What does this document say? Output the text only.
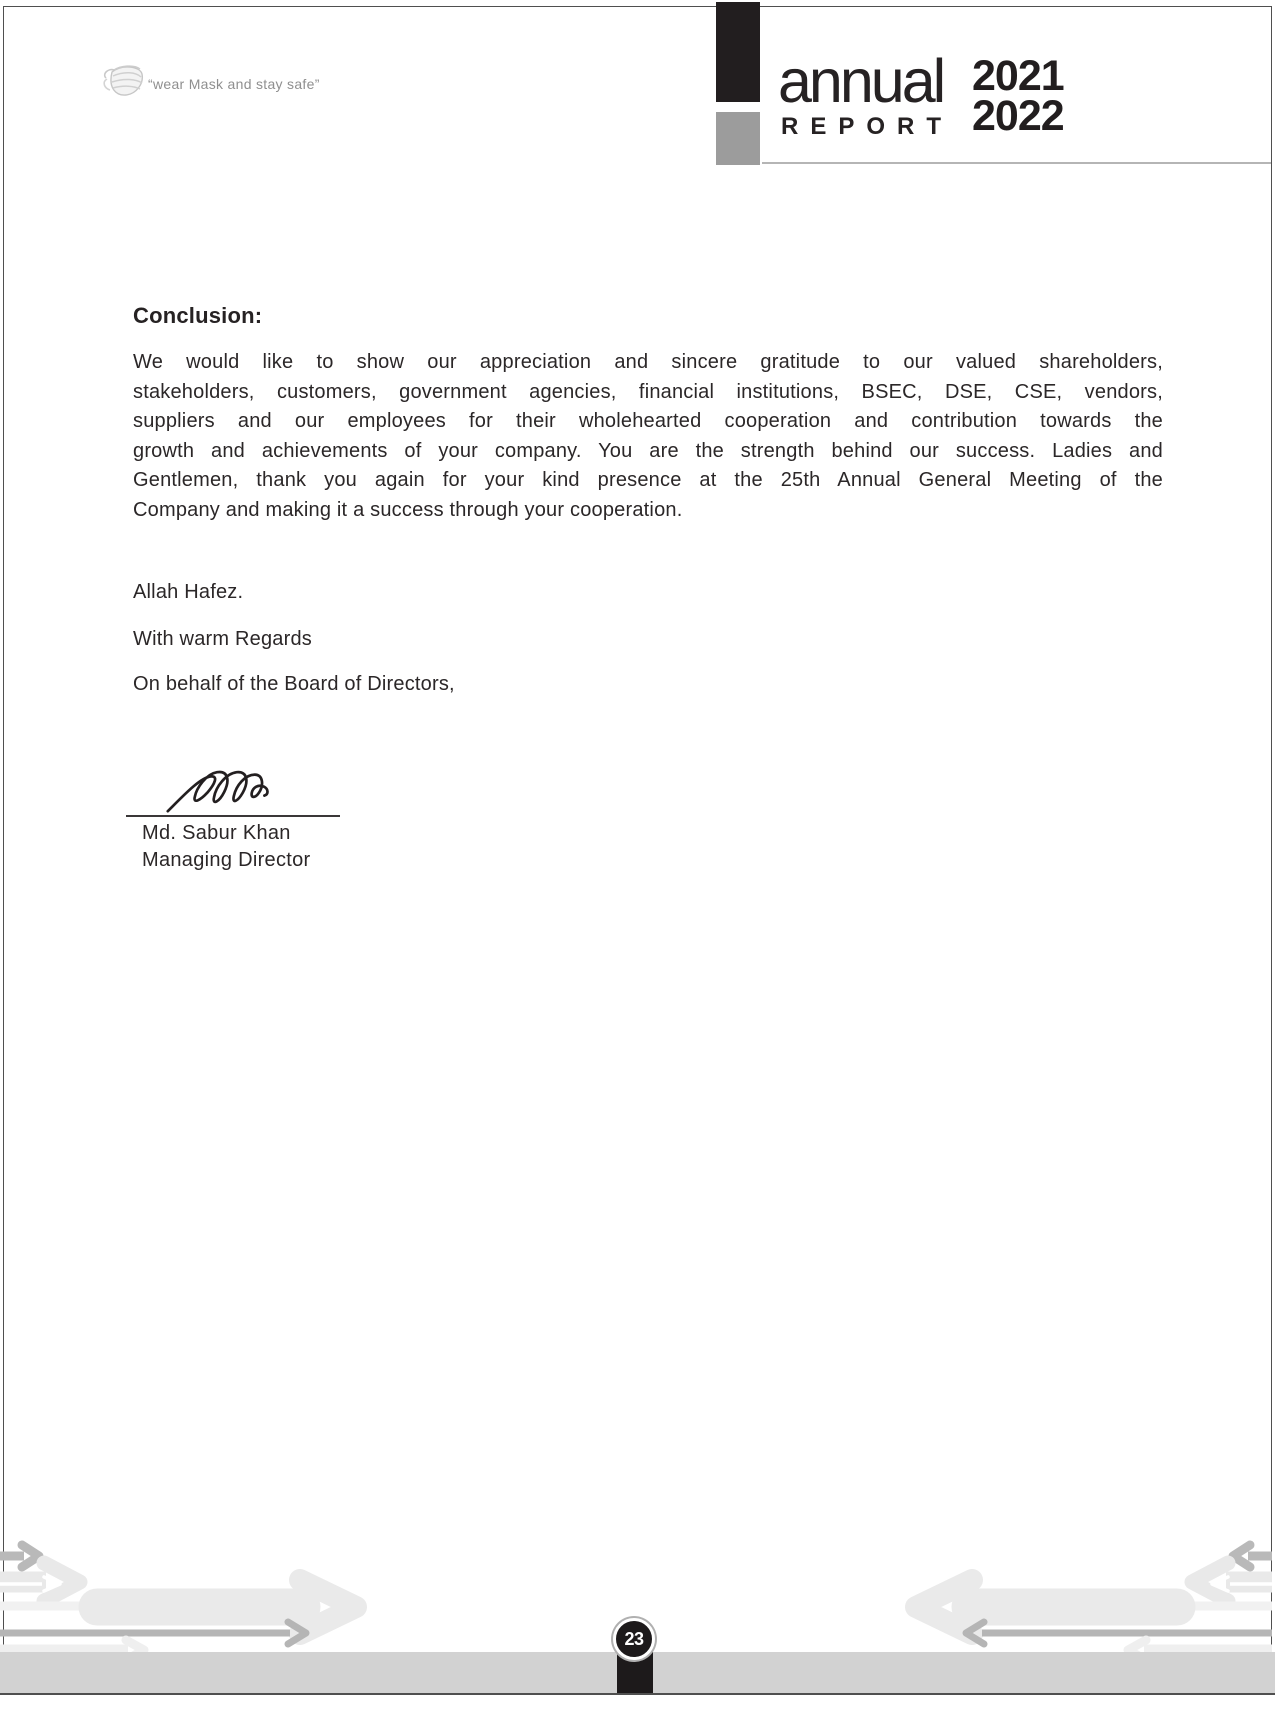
“wear Mask and stay safe”	annual
REPORT
2021
2022
Conclusion:
We would like to show our appreciation and sincere gratitude to our valued shareholders,
stakeholders, customers, government agencies, financial institutions, BSEC, DSE, CSE, vendors,
suppliers and our employees for their wholehearted cooperation and contribution towards the
growth and achievements of your company. You are the strength behind our success. Ladies and
Gentlemen, thank you again for your kind presence at the 25th Annual General Meeting of the
Company and making it a success through your cooperation.
Allah Hafez.
With warm Regards
On behalf of the Board of Directors,
Md. Sabur Khan
Managing Director
23
